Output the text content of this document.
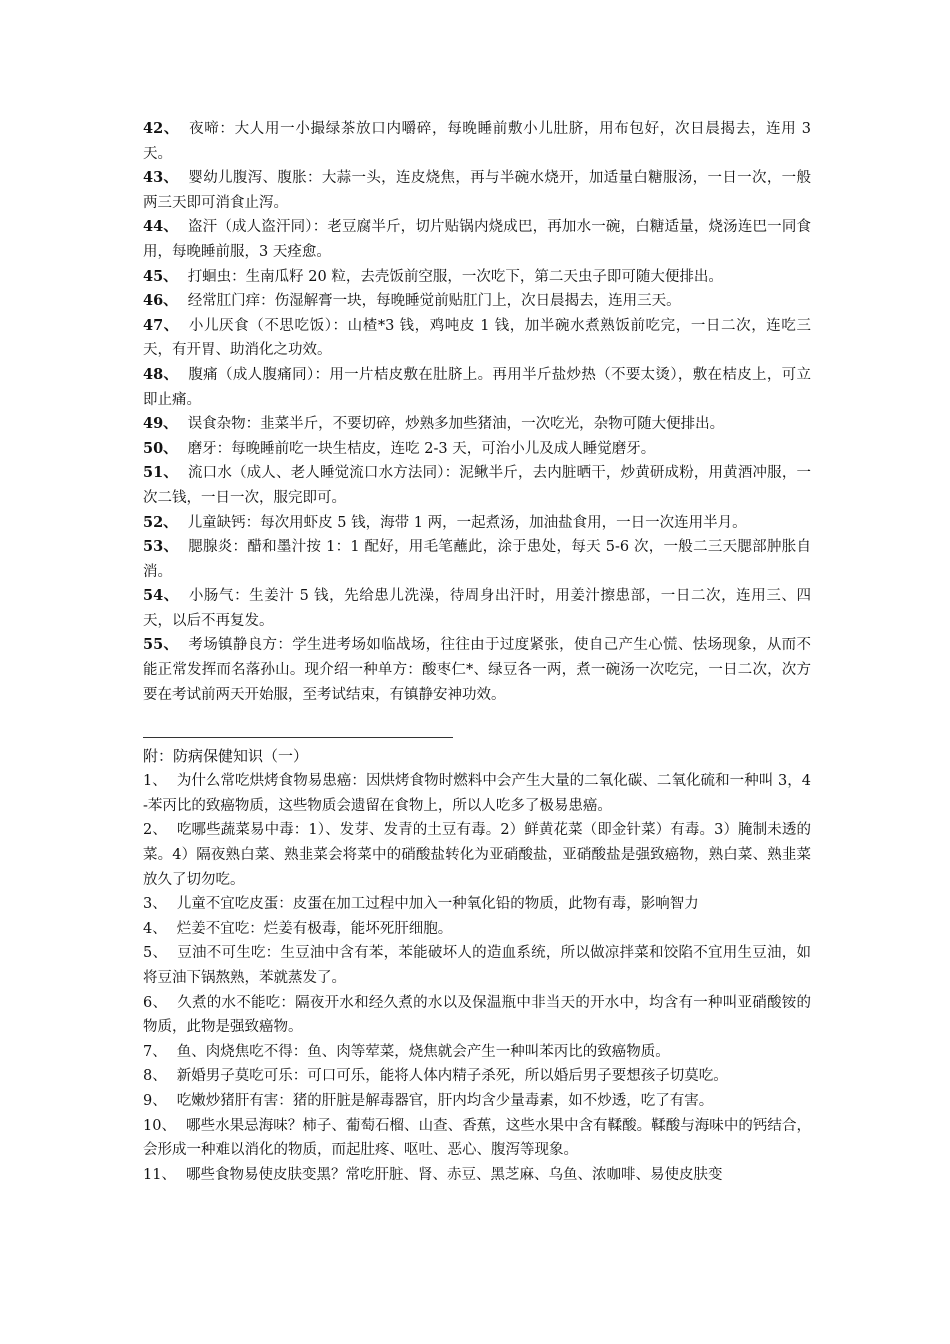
42、 夜啼：大人用一小撮绿茶放口内嚼碎，每晚睡前敷小儿肚脐，用布包好，次日晨揭去，连用 3 天。
43、 婴幼儿腹泻、腹胀：大蒜一头，连皮烧焦，再与半碗水烧开，加适量白糖服汤，一日一次，一般两三天即可消食止泻。
44、 盗汗（成人盗汗同）：老豆腐半斤，切片贴锅内烧成巴，再加水一碗，白糖适量，烧汤连巴一同食用，每晚睡前服，3 天痊愈。
45、 打蛔虫：生南瓜籽 20 粒，去壳饭前空服，一次吃下，第二天虫子即可随大便排出。
46、 经常肛门痒：伤湿解膏一块，每晚睡觉前贴肛门上，次日晨揭去，连用三天。
47、 小儿厌食（不思吃饭）：山楂*3 钱，鸡吨皮 1 钱，加半碗水煮熟饭前吃完，一日二次，连吃三天，有开胃、助消化之功效。
48、 腹痛（成人腹痛同）：用一片桔皮敷在肚脐上。再用半斤盐炒热（不要太烫），敷在桔皮上，可立即止痛。
49、 误食杂物：韭菜半斤，不要切碎，炒熟多加些猪油，一次吃光，杂物可随大便排出。
50、 磨牙：每晚睡前吃一块生桔皮，连吃 2-3 天，可治小儿及成人睡觉磨牙。
51、 流口水（成人、老人睡觉流口水方法同）：泥鳅半斤，去内脏晒干，炒黄研成粉，用黄酒冲服，一次二钱，一日一次，服完即可。
52、 儿童缺钙：每次用虾皮 5 钱，海带 1 两，一起煮汤，加油盐食用，一日一次连用半月。
53、 腮腺炎：醋和墨汁按 1：1 配好，用毛笔蘸此，涂于患处，每天 5-6 次，一般二三天腮部肿胀自消。
54、 小肠气：生姜汁 5 钱，先给患儿洗澡，待周身出汗时，用姜汁擦患部，一日二次，连用三、四天，以后不再复发。
55、 考场镇静良方：学生进考场如临战场，往往由于过度紧张，使自己产生心慌、怯场现象，从而不能正常发挥而名落孙山。现介绍一种单方：酸枣仁*、绿豆各一两，煮一碗汤一次吃完，一日二次，次方要在考试前两天开始服，至考试结束，有镇静安神功效。
附：防病保健知识（一）
1、 为什么常吃烘烤食物易患癌：因烘烤食物时燃料中会产生大量的二氧化碳、二氧化硫和一种叫 3，4-苯丙比的致癌物质，这些物质会遗留在食物上，所以人吃多了极易患癌。
2、 吃哪些蔬菜易中毒：1）、发芽、发青的土豆有毒。2）鲜黄花菜（即金针菜）有毒。3）腌制未透的菜。4）隔夜熟白菜、熟韭菜会将菜中的硝酸盐转化为亚硝酸盐，亚硝酸盐是强致癌物，熟白菜、熟韭菜放久了切勿吃。
3、 儿童不宜吃皮蛋：皮蛋在加工过程中加入一种氧化铅的物质，此物有毒，影响智力
4、 烂姜不宜吃：烂姜有极毒，能坏死肝细胞。
5、 豆油不可生吃：生豆油中含有苯，苯能破坏人的造血系统，所以做凉拌菜和饺陷不宜用生豆油，如将豆油下锅熬熟，苯就蒸发了。
6、 久煮的水不能吃：隔夜开水和经久煮的水以及保温瓶中非当天的开水中，均含有一种叫亚硝酸铵的物质，此物是强致癌物。
7、 鱼、肉烧焦吃不得：鱼、肉等荤菜，烧焦就会产生一种叫苯丙比的致癌物质。
8、 新婚男子莫吃可乐：可口可乐，能将人体内精子杀死，所以婚后男子要想孩子切莫吃。
9、 吃嫩炒猪肝有害：猪的肝脏是解毒器官，肝内均含少量毒素，如不炒透，吃了有害。
10、 哪些水果忌海味？柿子、葡萄石榴、山查、香蕉，这些水果中含有鞣酸。鞣酸与海味中的钙结合，会形成一种难以消化的物质，而起肚疼、呕吐、恶心、腹泻等现象。
11、 哪些食物易使皮肤变黑？常吃肝脏、肾、赤豆、黑芝麻、乌鱼、浓咖啡、易使皮肤变
